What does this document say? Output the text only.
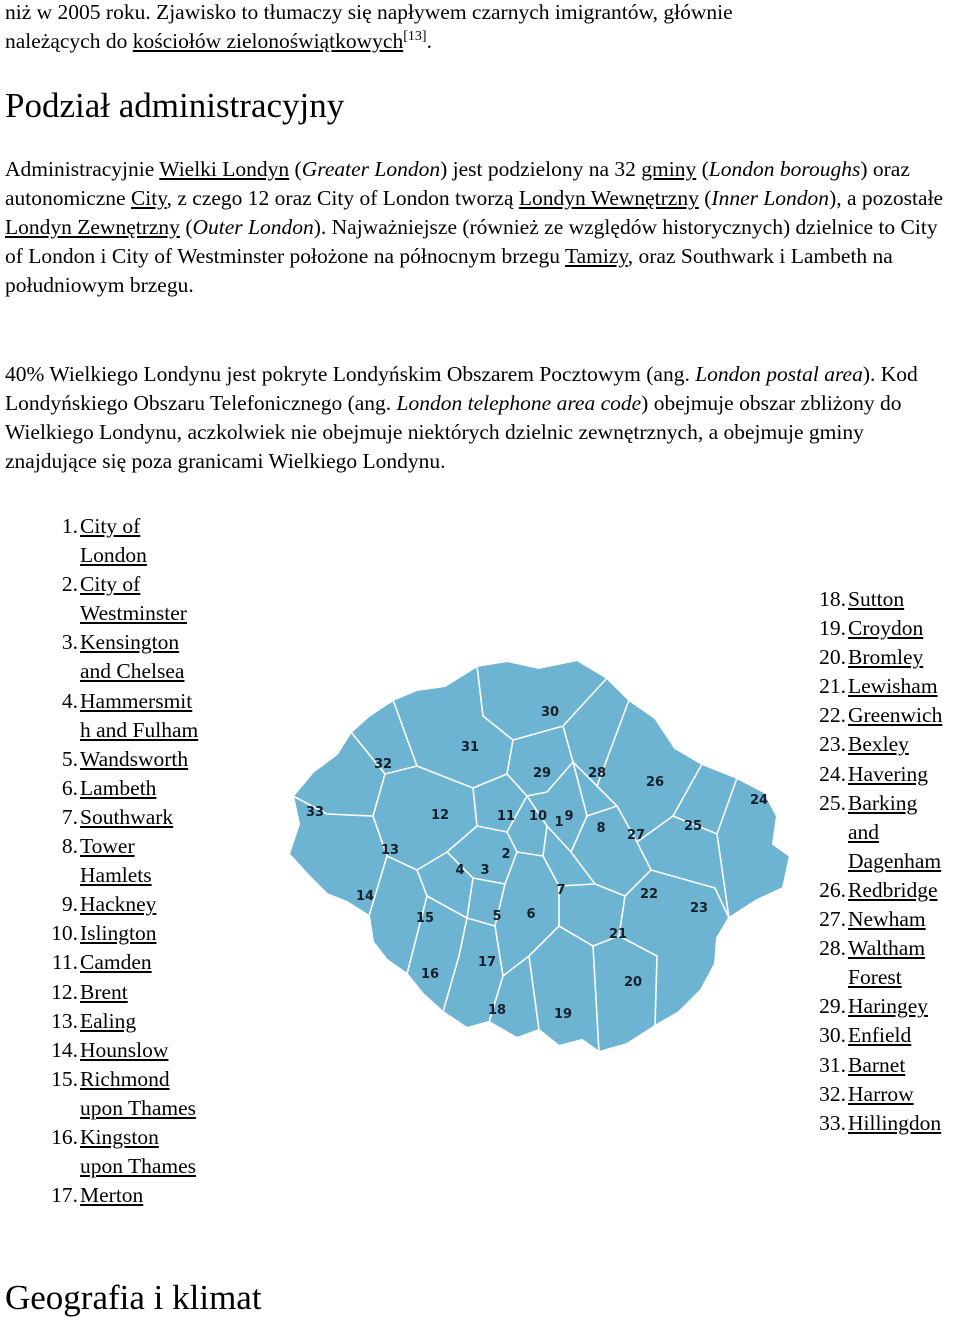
niż w 2005 roku. Zjawisko to tłumaczy się napływem czarnych imigrantów, głównie
należących do kościołów zielonoświątkowych[13].
Podział administracyjny

Administracyjnie Wielki Londyn (Greater London) jest podzielony na 32 gminy (London boroughs) oraz autonomiczne City, z czego 12 oraz City of London tworzą Londyn Wewnętrzny (Inner London), a pozostałe Londyn Zewnętrzny (Outer London). Najważniejsze (również ze względów historycznych) dzielnice to City of London i City of Westminster położone na północnym brzegu Tamizy, oraz Southwark i Lambeth na południowym brzegu.

40% Wielkiego Londynu jest pokryte Londyńskim Obszarem Pocztowym (ang. London postal area). Kod Londyńskiego Obszaru Telefonicznego (ang. London telephone area code) obejmuje obszar zbliżony do Wielkiego Londynu, aczkolwiek nie obejmuje niektórych dzielnic zewnętrznych, a obejmuje gminy znajdujące się poza granicami Wielkiego Londynu.

1. City of
London
2. City of
Westminster
3. Kensington
and Chelsea
4. Hammersmit
h and Fulham
5. Wandsworth
6. Lambeth
7. Southwark
8. Tower
Hamlets
9. Hackney
10. Islington
11. Camden
12. Brent
13. Ealing
14. Hounslow
15. Richmond
upon Thames
16. Kingston
upon Thames
17. Merton
18. Sutton
19. Croydon
20. Bromley
21. Lewisham
22. Greenwich
23. Bexley
24. Havering
25. Barking
and
Dagenham
26. Redbridge
27. Newham
28. Waltham
Forest
29. Haringey
30. Enfield
31. Barnet
32. Harrow
33. Hillingdon
1
2
3
4
5 6
7
8
9
10
11
12
13
14
15
16
17
18	19
20
21
22
23
24
25
26
27
28
29
30
31
32
33
Geografia i klimat
